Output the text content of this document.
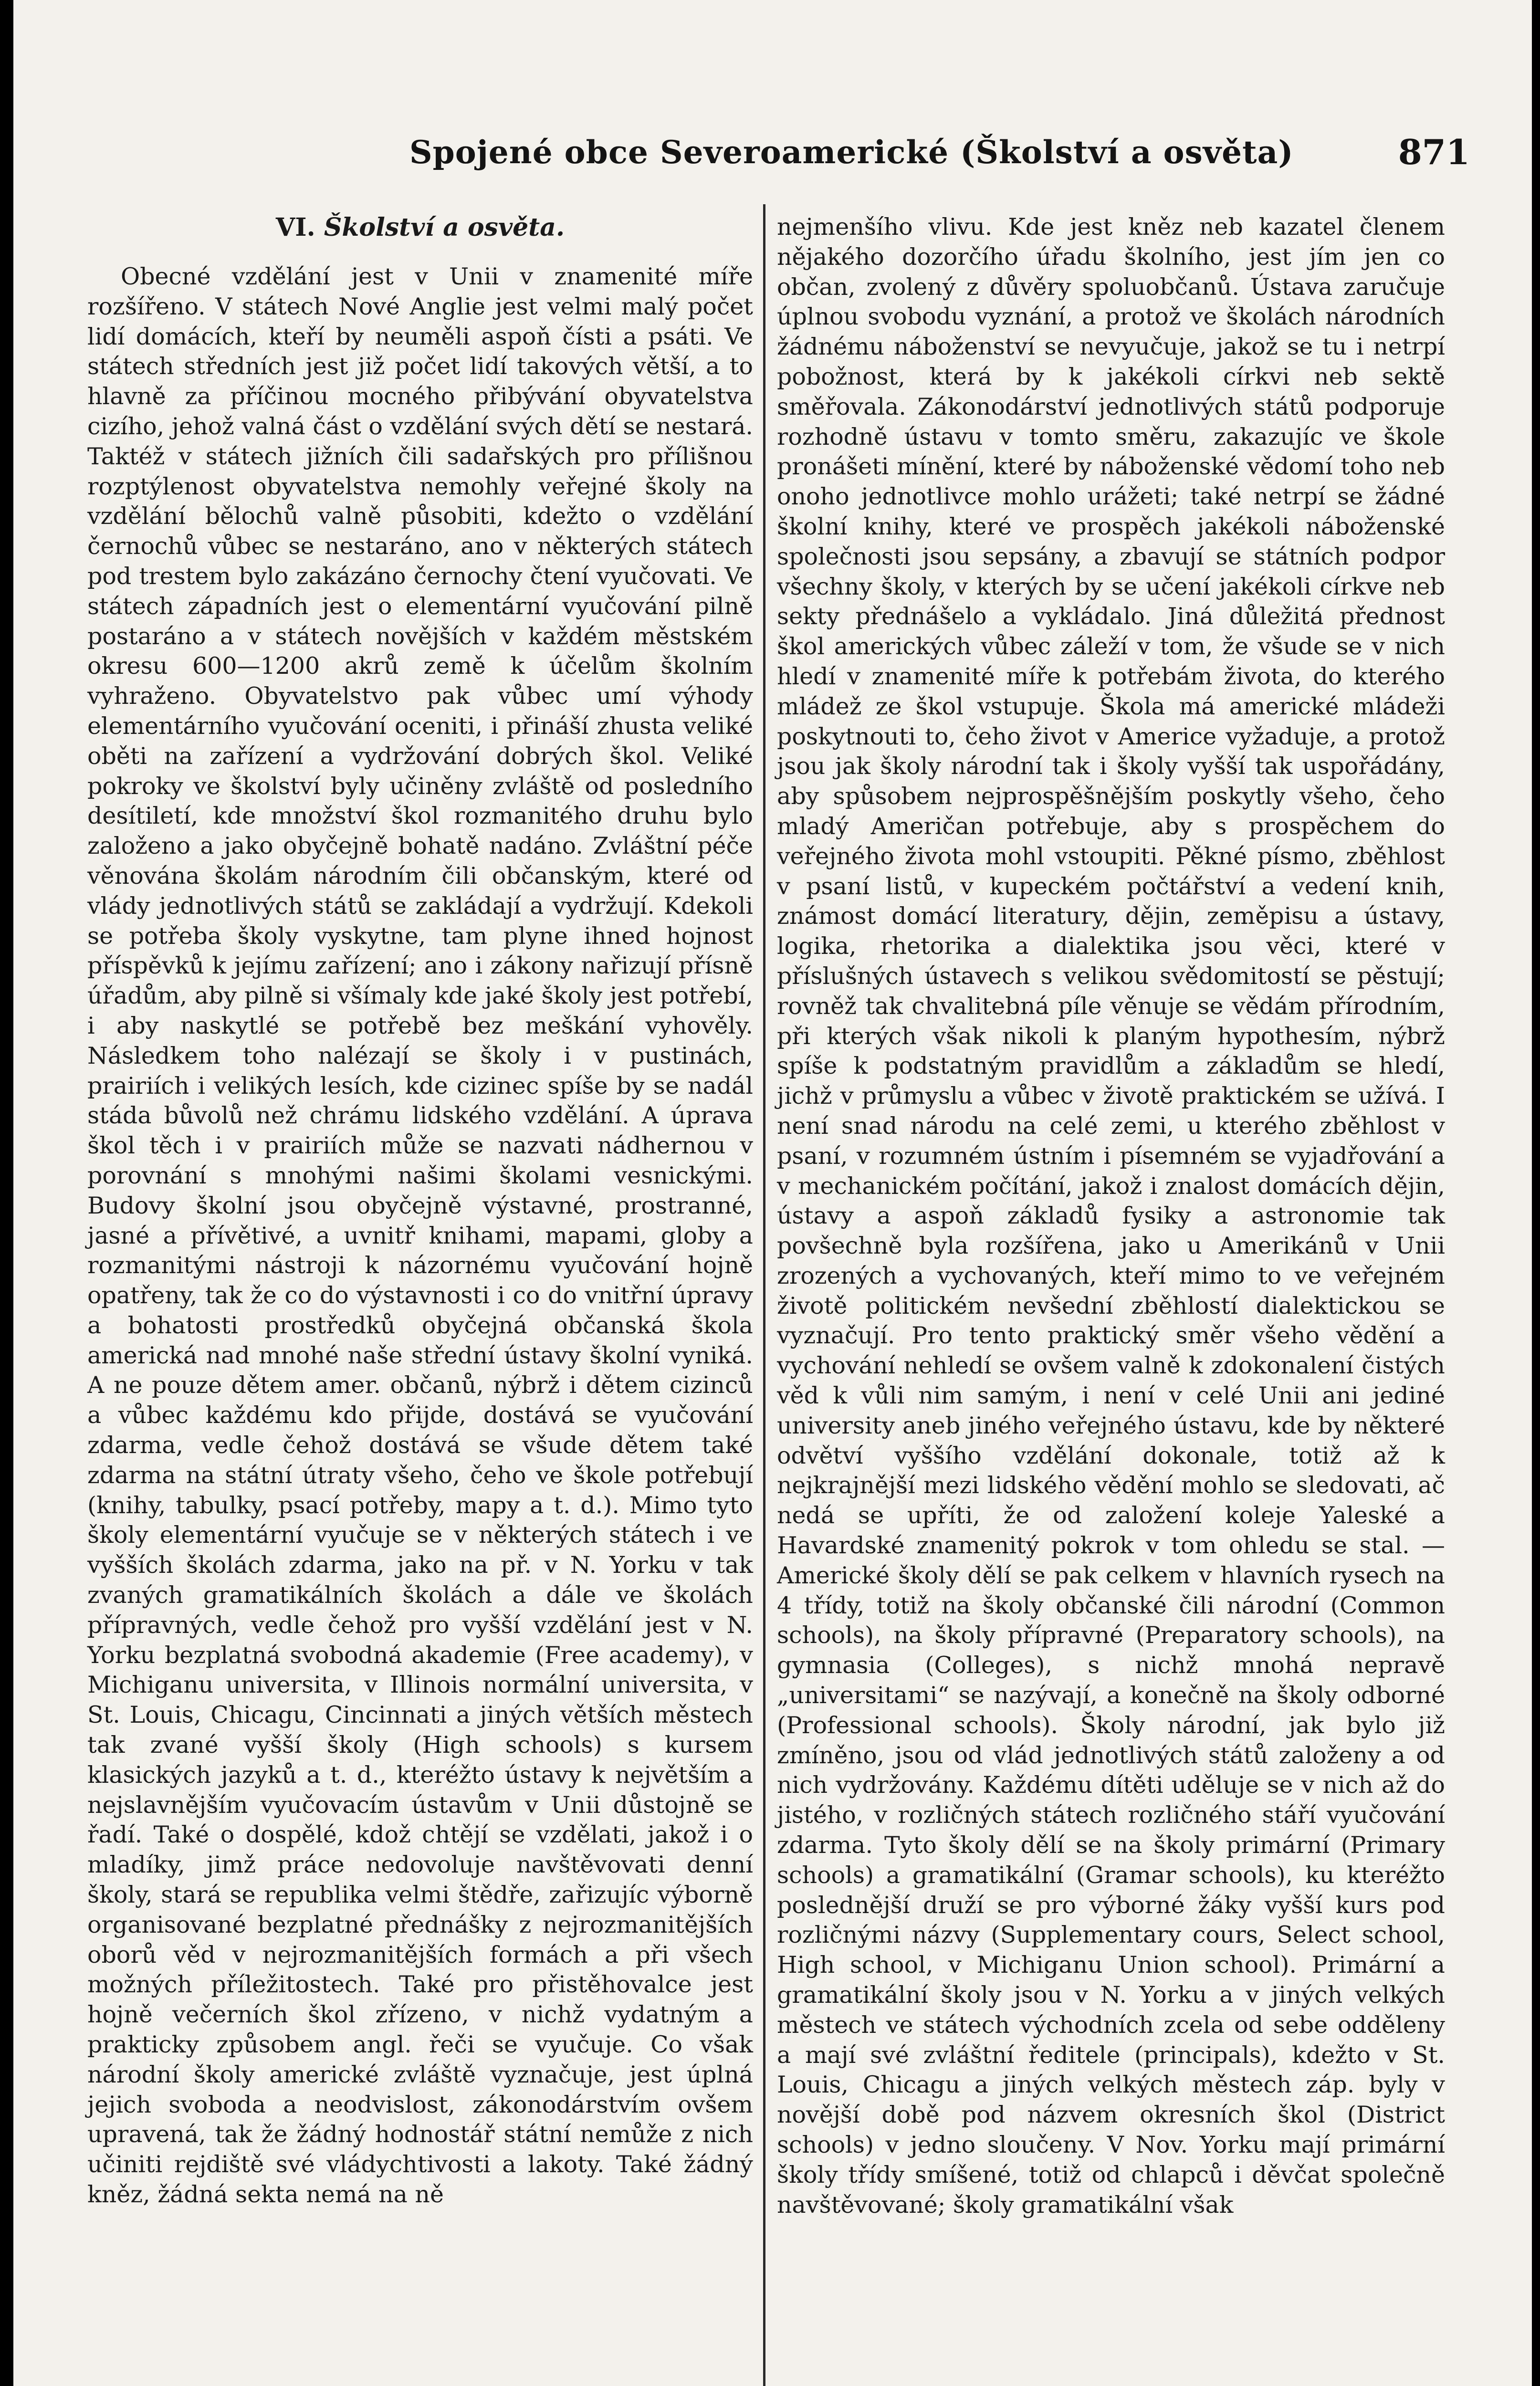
Spojené obce Severoamerické (Školství a osvěta)	871
VI. Školství a osvěta.

Obecné vzdělání jest v Unii v znamenité míře rozšířeno. V státech Nové Anglie jest velmi malý počet lidí domácích, kteří by neuměli aspoň čísti a psáti. Ve státech středních jest již počet lidí takových větší, a to hlavně za příčinou mocného přibývání obyvatelstva cizího, jehož valná část o vzdělání svých dětí se nestará. Taktéž v státech jižních čili sadařských pro přílišnou rozptýlenost obyvatelstva nemohly veřejné školy na vzdělání bělochů valně působiti, kdežto o vzdělání černochů vůbec se nestaráno, ano v některých státech pod trestem bylo zakázáno černochy čtení vyučovati. Ve státech západních jest o elementární vyučování pilně postaráno a v státech novějších v každém městském okresu 600—1200 akrů země k účelům školním vyhraženo. Obyvatelstvo pak vůbec umí výhody elementárního vyučování oceniti, i přináší zhusta veliké oběti na zařízení a vydržování dobrých škol. Veliké pokroky ve školství byly učiněny zvláště od posledního desítiletí, kde množství škol rozmanitého druhu bylo založeno a jako obyčejně bohatě nadáno. Zvláštní péče věnována školám národním čili občanským, které od vlády jednotlivých států se zakládají a vydržují. Kdekoli se potřeba školy vyskytne, tam plyne ihned hojnost příspěvků k jejímu zařízení; ano i zákony nařizují přísně úřadům, aby pilně si všímaly kde jaké školy jest potřebí, i aby naskytlé se potřebě bez meškání vyhověly. Následkem toho nalézají se školy i v pustinách, prairiích i velikých lesích, kde cizinec spíše by se nadál stáda bůvolů než chrámu lidského vzdělání. A úprava škol těch i v prairiích může se nazvati nádhernou v porovnání s mnohými našimi školami vesnickými. Budovy školní jsou obyčejně výstavné, prostranné, jasné a přívětivé, a uvnitř knihami, mapami, globy a rozmanitými nástroji k názornému vyučování hojně opatřeny, tak že co do výstavnosti i co do vnitřní úpravy a bohatosti prostředků obyčejná občanská škola americká nad mnohé naše střední ústavy školní vyniká. A ne pouze dětem amer. občanů, nýbrž i dětem cizinců a vůbec každému kdo přijde, dostává se vyučování zdarma, vedle čehož dostává se všude dětem také zdarma na státní útraty všeho, čeho ve škole potřebují (knihy, tabulky, psací potřeby, mapy a t. d.). Mimo tyto školy elementární vyučuje se v některých státech i ve vyšších školách zdarma, jako na př. v N. Yorku v tak zvaných gramatikálních školách a dále ve školách přípravných, vedle čehož pro vyšší vzdělání jest v N. Yorku bezplatná svobodná akademie (Free academy), v Michiganu universita, v Illinois normální universita, v St. Louis, Chicagu, Cincinnati a jiných větších městech tak zvané vyšší školy (High schools) s kursem klasických jazyků a t. d., kteréžto ústavy k největším a nejslavnějším vyučovacím ústavům v Unii důstojně se řadí. Také o dospělé, kdož chtějí se vzdělati, jakož i o mladíky, jimž práce nedovoluje navštěvovati denní školy, stará se republika velmi štědře, zařizujíc výborně organisované bezplatné přednášky z nejrozmanitějších oborů věd v nejrozmanitějších formách a při všech možných příležitostech. Také pro přistěhovalce jest hojně večerních škol zřízeno, v nichž vydatným a prakticky způsobem angl. řeči se vyučuje. Co však národní školy americké zvláště vyznačuje, jest úplná jejich svoboda a neodvislost, zákonodárstvím ovšem upravená, tak že žádný hodnostář státní nemůže z nich učiniti rejdiště své vládychtivosti a lakoty. Také žádný kněz, žádná sekta nemá na ně

nejmenšího vlivu. Kde jest kněz neb kazatel členem nějakého dozorčího úřadu školního, jest jím jen co občan, zvolený z důvěry spoluobčanů. Ústava zaručuje úplnou svobodu vyznání, a protož ve školách národních žádnému náboženství se nevyučuje, jakož se tu i netrpí pobožnost, která by k jakékoli církvi neb sektě směřovala. Zákonodárství jednotlivých států podporuje rozhodně ústavu v tomto směru, zakazujíc ve škole pronášeti mínění, které by náboženské vědomí toho neb onoho jednotlivce mohlo urážeti; také netrpí se žádné školní knihy, které ve prospěch jakékoli náboženské společnosti jsou sepsány, a zbavují se státních podpor všechny školy, v kterých by se učení jakékoli církve neb sekty přednášelo a vykládalo. Jiná důležitá přednost škol amerických vůbec záleží v tom, že všude se v nich hledí v znamenité míře k potřebám života, do kterého mládež ze škol vstupuje. Škola má americké mládeži poskytnouti to, čeho život v Americe vyžaduje, a protož jsou jak školy národní tak i školy vyšší tak uspořádány, aby spůsobem nejprospěšnějším poskytly všeho, čeho mladý Američan potřebuje, aby s prospěchem do veřejného života mohl vstoupiti. Pěkné písmo, zběhlost v psaní listů, v kupeckém počtářství a vedení knih, známost domácí literatury, dějin, zeměpisu a ústavy, logika, rhetorika a dialektika jsou věci, které v příslušných ústavech s velikou svědomitostí se pěstují; rovněž tak chvalitebná píle věnuje se vědám přírodním, při kterých však nikoli k planým hypothesím, nýbrž spíše k podstatným pravidlům a základům se hledí, jichž v průmyslu a vůbec v životě praktickém se užívá. I není snad národu na celé zemi, u kterého zběhlost v psaní, v rozumném ústním i písemném se vyjadřování a v mechanickém počítání, jakož i znalost domácích dějin, ústavy a aspoň základů fysiky a astronomie tak povšechně byla rozšířena, jako u Amerikánů v Unii zrozených a vychovaných, kteří mimo to ve veřejném životě politickém nevšední zběhlostí dialektickou se vyznačují. Pro tento praktický směr všeho vědění a vychování nehledí se ovšem valně k zdokonalení čistých věd k vůli nim samým, i není v celé Unii ani jediné university aneb jiného veřejného ústavu, kde by některé odvětví vyššího vzdělání dokonale, totiž až k nejkrajnější mezi lidského vědění mohlo se sledovati, ač nedá se upříti, že od založení koleje Yaleské a Havardské znamenitý pokrok v tom ohledu se stal. — Americké školy dělí se pak celkem v hlavních rysech na 4 třídy, totiž na školy občanské čili národní (Common schools), na školy přípravné (Preparatory schools), na gymnasia (Colleges), s nichž mnohá nepravě „universitami“ se nazývají, a konečně na školy odborné (Professional schools). Školy národní, jak bylo již zmíněno, jsou od vlád jednotlivých států založeny a od nich vydržovány. Každému dítěti uděluje se v nich až do jistého, v rozličných státech rozličného stáří vyučování zdarma. Tyto školy dělí se na školy primární (Primary schools) a gramatikální (Gramar schools), ku kteréžto poslednější druží se pro výborné žáky vyšší kurs pod rozličnými názvy (Supplementary cours, Select school, High school, v Michiganu Union school). Primární a gramatikální školy jsou v N. Yorku a v jiných velkých městech ve státech východních zcela od sebe odděleny a mají své zvláštní ředitele (principals), kdežto v St. Louis, Chicagu a jiných velkých městech záp. byly v novější době pod názvem okresních škol (District schools) v jedno sloučeny. V Nov. Yorku mají primární školy třídy smíšené, totiž od chlapců i děvčat společně navštěvované; školy gramatikální však
